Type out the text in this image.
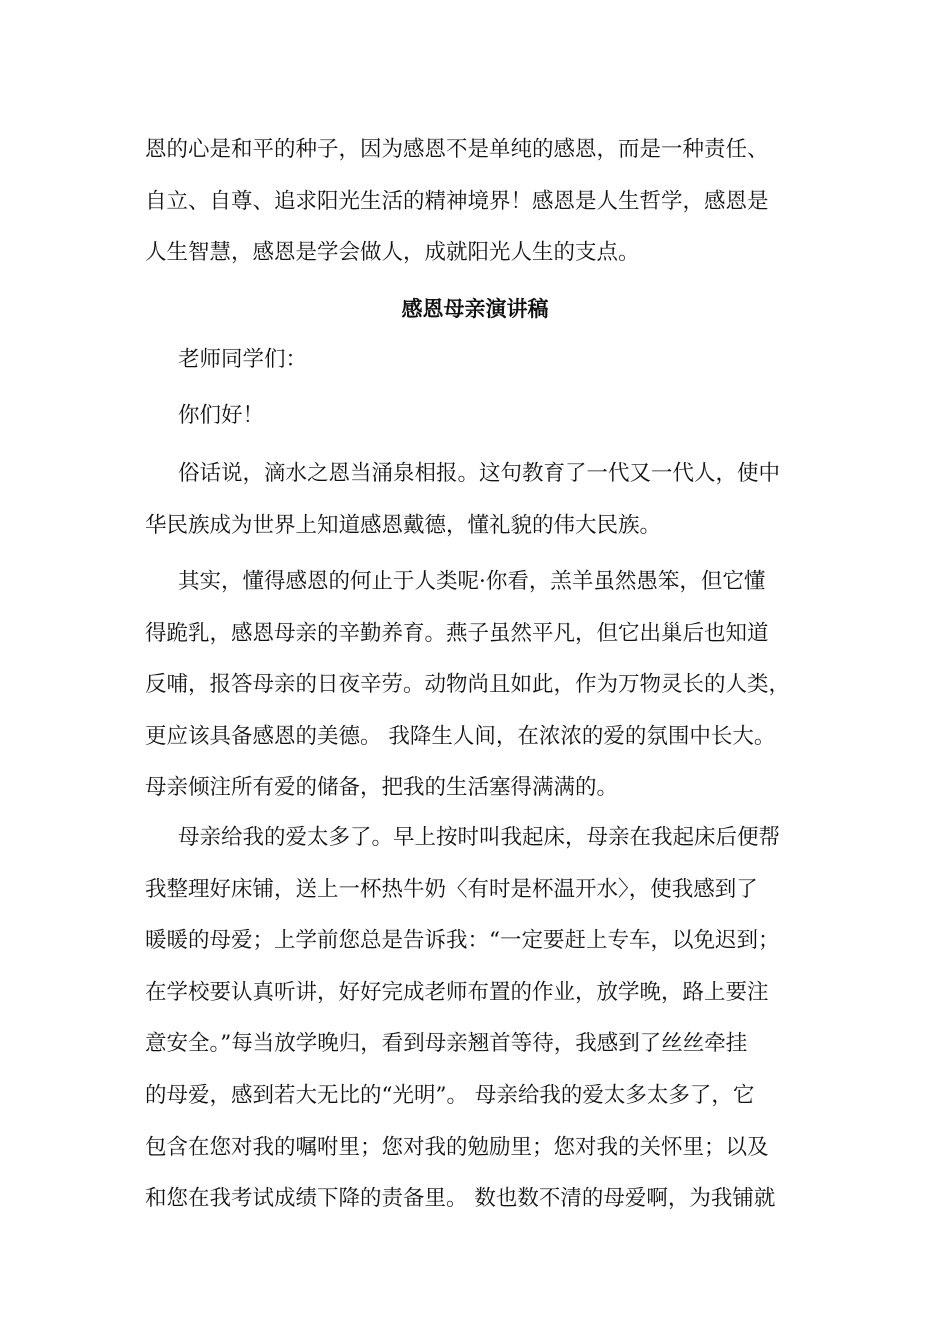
恩的心是和平的种子，因为感恩不是单纯的感恩，而是一种责任、
自立、自尊、追求阳光生活的精神境界！感恩是人生哲学，感恩是
人生智慧，感恩是学会做人，成就阳光人生的支点。
感恩母亲演讲稿
老师同学们：
你们好！
俗话说，滴水之恩当涌泉相报。这句教育了一代又一代人，使中
华民族成为世界上知道感恩戴德，懂礼貌的伟大民族。
其实，懂得感恩的何止于人类呢·你看，羔羊虽然愚笨，但它懂
得跪乳，感恩母亲的辛勤养育。燕子虽然平凡，但它出巢后也知道
反哺，报答母亲的日夜辛劳。动物尚且如此，作为万物灵长的人类，
更应该具备感恩的美德。 我降生人间，在浓浓的爱的氛围中长大。
母亲倾注所有爱的储备，把我的生活塞得满满的。
母亲给我的爱太多了。早上按时叫我起床，母亲在我起床后便帮
我整理好床铺，送上一杯热牛奶〈有时是杯温开水〉，使我感到了
暖暖的母爱；上学前您总是告诉我：“一定要赶上专车，以免迟到；
在学校要认真听讲，好好完成老师布置的作业，放学晚，路上要注
意安全。”每当放学晚归，看到母亲翘首等待，我感到了丝丝牵挂
的母爱，感到若大无比的“光明”。 母亲给我的爱太多太多了，它
包含在您对我的嘱咐里；您对我的勉励里；您对我的关怀里；以及
和您在我考试成绩下降的责备里。 数也数不清的母爱啊，为我铺就
